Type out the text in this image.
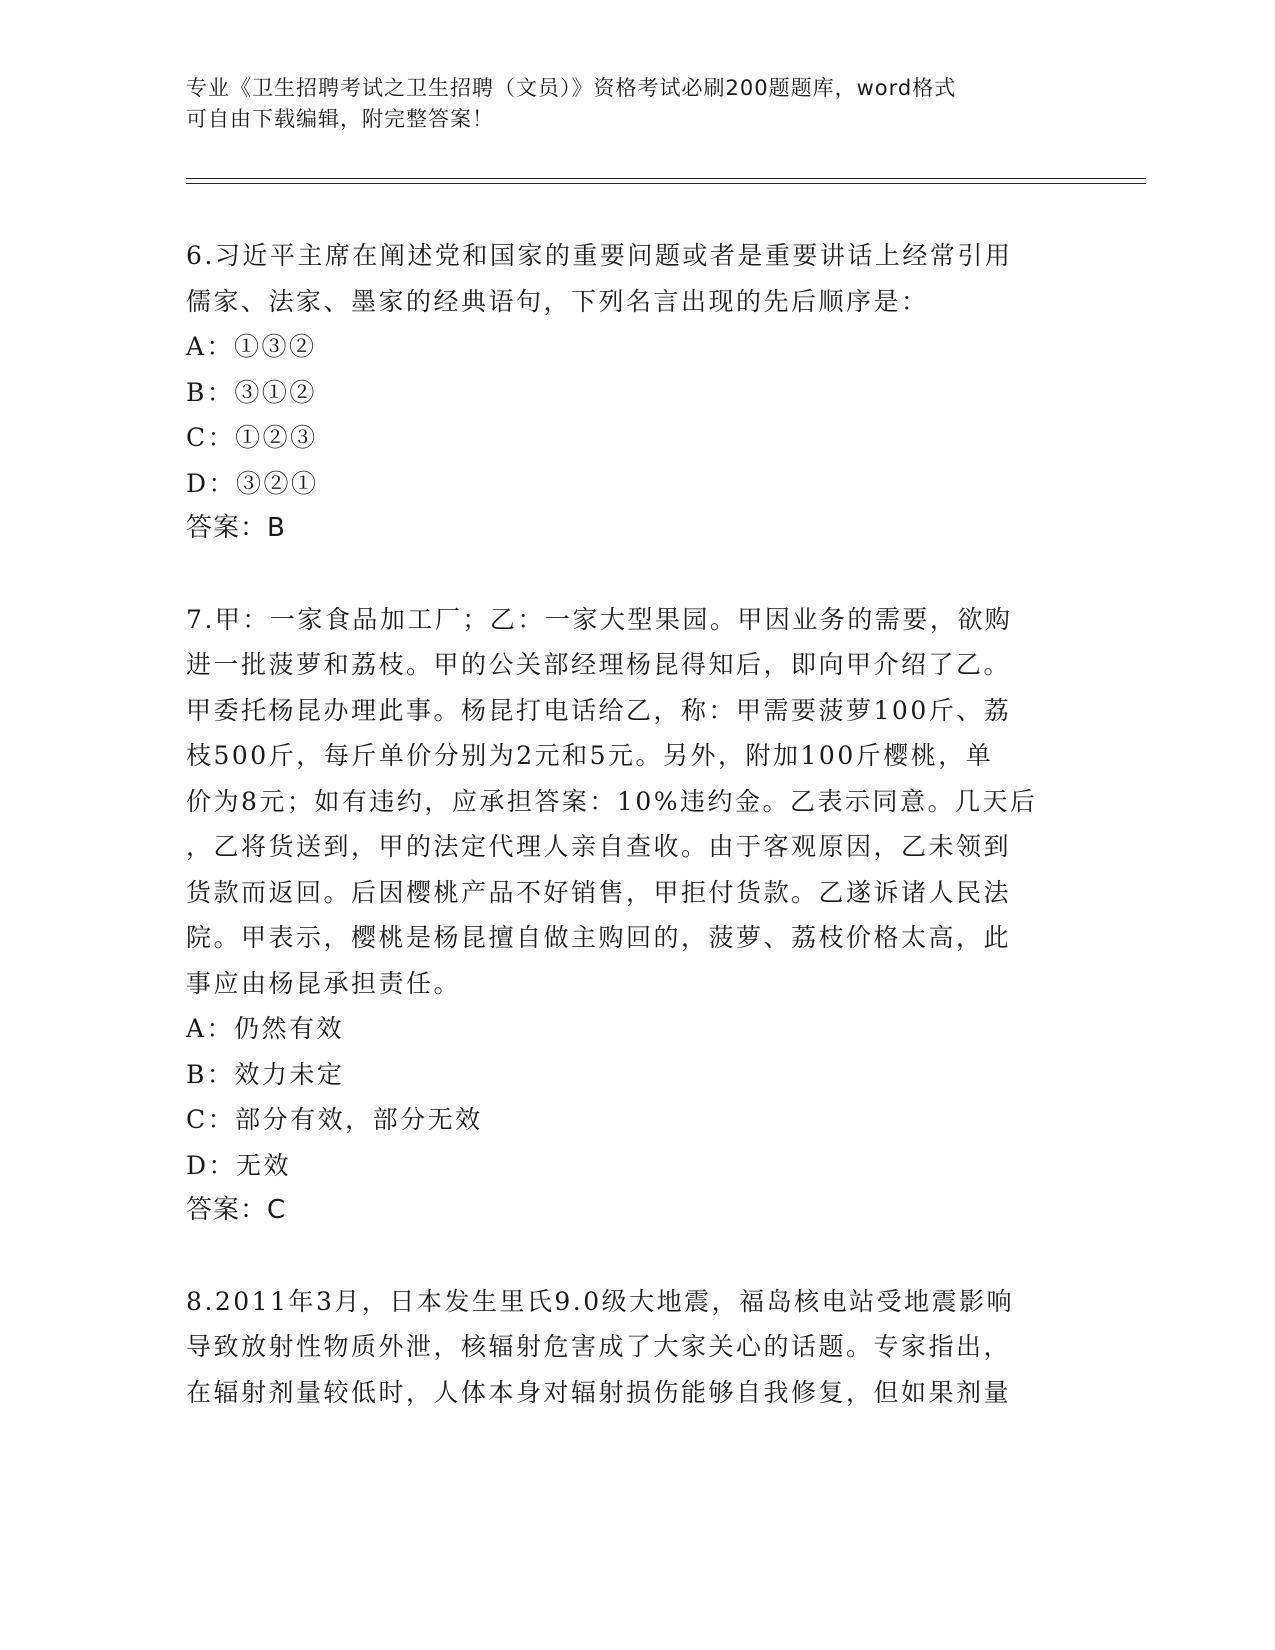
专业《卫生招聘考试之卫生招聘（文员）》资格考试必刷200题题库，word格式
可自由下载编辑，附完整答案！
6.习近平主席在阐述党和国家的重要问题或者是重要讲话上经常引用
儒家、法家、墨家的经典语句，下列名言出现的先后顺序是：
A：①③②
B：③①②
C：①②③
D：③②①
答案：B
7.甲：一家食品加工厂；乙：一家大型果园。甲因业务的需要，欲购
进一批菠萝和荔枝。甲的公关部经理杨昆得知后，即向甲介绍了乙。
甲委托杨昆办理此事。杨昆打电话给乙，称：甲需要菠萝100斤、荔
枝500斤，每斤单价分别为2元和5元。另外，附加100斤樱桃，单
价为8元；如有违约，应承担答案：10%违约金。乙表示同意。几天后
，乙将货送到，甲的法定代理人亲自查收。由于客观原因，乙未领到
货款而返回。后因樱桃产品不好销售，甲拒付货款。乙遂诉诸人民法
院。甲表示，樱桃是杨昆擅自做主购回的，菠萝、荔枝价格太高，此
事应由杨昆承担责任。
A：仍然有效
B：效力未定
C：部分有效，部分无效
D：无效
答案：C
8.2011年3月，日本发生里氏9.0级大地震，福岛核电站受地震影响
导致放射性物质外泄，核辐射危害成了大家关心的话题。专家指出，
在辐射剂量较低时，人体本身对辐射损伤能够自我修复，但如果剂量
